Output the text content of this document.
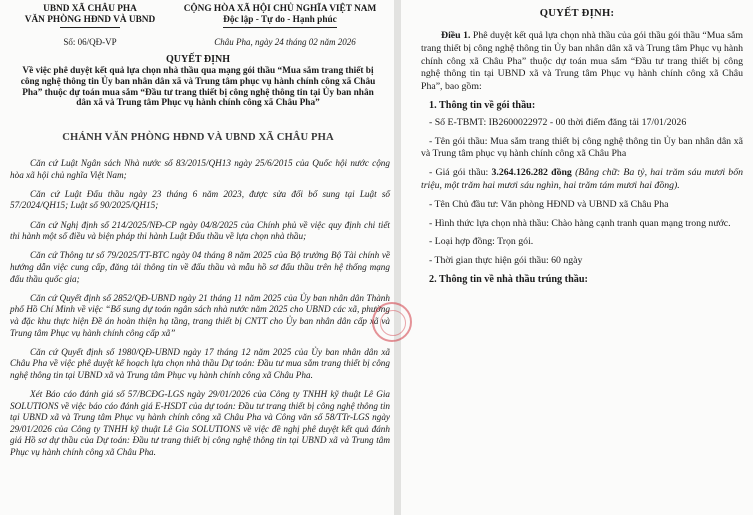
UBND XÃ CHÂU PHA
VĂN PHÒNG HĐND VÀ UBND
CỘNG HÒA XÃ HỘI CHỦ NGHĨA VIỆT NAM
Độc lập - Tự do - Hạnh phúc
Số: 06/QĐ-VP	Châu Pha, ngày 24 tháng 02 năm 2026
QUYẾT ĐỊNH
Về việc phê duyệt kết quả lựa chọn nhà thầu qua mạng gói thầu “Mua sắm trang thiết bị công nghệ thông tin Ủy ban nhân dân xã và Trung tâm phục vụ hành chính công xã Châu Pha” thuộc dự toán mua sắm “Đầu tư trang thiết bị công nghệ thông tin tại Ủy ban nhân dân xã và Trung tâm Phục vụ hành chính công xã Châu Pha”
CHÁNH VĂN PHÒNG HĐND VÀ UBND XÃ CHÂU PHA

Căn cứ Luật Ngân sách Nhà nước số 83/2015/QH13 ngày 25/6/2015 của Quốc hội nước cộng hòa xã hội chủ nghĩa Việt Nam;

Căn cứ Luật Đấu thầu ngày 23 tháng 6 năm 2023, được sửa đổi bổ sung tại Luật số 57/2024/QH15; Luật số 90/2025/QH15;

Căn cứ Nghị định số 214/2025/NĐ-CP ngày 04/8/2025 của Chính phủ về việc quy định chi tiết thi hành một số điều và biện pháp thi hành Luật Đấu thầu về lựa chọn nhà thầu;

Căn cứ Thông tư số 79/2025/TT-BTC ngày 04 tháng 8 năm 2025 của Bộ trưởng Bộ Tài chính về hướng dẫn việc cung cấp, đăng tải thông tin về đấu thầu và mẫu hồ sơ đấu thầu trên hệ thống mạng đấu thầu quốc gia;

Căn cứ Quyết định số 2852/QĐ-UBND ngày 21 tháng 11 năm 2025 của Ủy ban nhân dân Thành phố Hồ Chí Minh về việc “Bổ sung dự toán ngân sách nhà nước năm 2025 cho UBND các xã, phường và đặc khu thực hiện Đề án hoàn thiện hạ tầng, trang thiết bị CNTT cho Ủy ban nhân dân cấp xã và Trung tâm Phục vụ hành chính công cấp xã”

Căn cứ Quyết định số 1980/QĐ-UBND ngày 17 tháng 12 năm 2025 của Ủy ban nhân dân xã Châu Pha về việc phê duyệt kế hoạch lựa chọn nhà thầu Dự toán: Đầu tư mua sắm trang thiết bị công nghệ thông tin tại UBND xã và Trung tâm Phục vụ hành chính công xã Châu Pha.

Xét Báo cáo đánh giá số 57/BCĐG-LGS ngày 29/01/2026 của Công ty TNHH kỹ thuật Lê Gia SOLUTIONS về việc báo cáo đánh giá E-HSDT của dự toán: Đầu tư trang thiết bị công nghệ thông tin tại UBND xã và Trung tâm Phục vụ hành chính công xã Châu Pha và Công văn số 58/TTr-LGS ngày 29/01/2026 của Công ty TNHH kỹ thuật Lê Gia SOLUTIONS về việc đề nghị phê duyệt kết quả đánh giá Hồ sơ dự thầu của Dự toán: Đầu tư trang thiết bị công nghệ thông tin tại UBND xã và Trung tâm Phục vụ hành chính công xã Châu Pha.

QUYẾT ĐỊNH:

Điều 1. Phê duyệt kết quả lựa chọn nhà thầu của gói thầu gói thầu “Mua sắm trang thiết bị công nghệ thông tin Ủy ban nhân dân xã và Trung tâm Phục vụ hành chính công xã Châu Pha” thuộc dự toán mua sắm “Đầu tư trang thiết bị công nghệ thông tin tại UBND xã và Trung tâm Phục vụ hành chính công xã Châu Pha”, bao gồm:

1. Thông tin về gói thầu:

- Số E-TBMT: IB2600022972 - 00 thời điểm đăng tải 17/01/2026

- Tên gói thầu: Mua sắm trang thiết bị công nghệ thông tin Ủy ban nhân dân xã và Trung tâm phục vụ hành chính công xã Châu Pha

- Giá gói thầu: 3.264.126.282 đồng (Bằng chữ: Ba tỷ, hai trăm sáu mươi bốn triệu, một trăm hai mươi sáu nghìn, hai trăm tám mươi hai đồng).

- Tên Chủ đầu tư: Văn phòng HĐND và UBND xã Châu Pha

- Hình thức lựa chọn nhà thầu: Chào hàng cạnh tranh quan mạng trong nước.

- Loại hợp đồng: Trọn gói.

- Thời gian thực hiện gói thầu: 60 ngày

2. Thông tin về nhà thầu trúng thầu:
